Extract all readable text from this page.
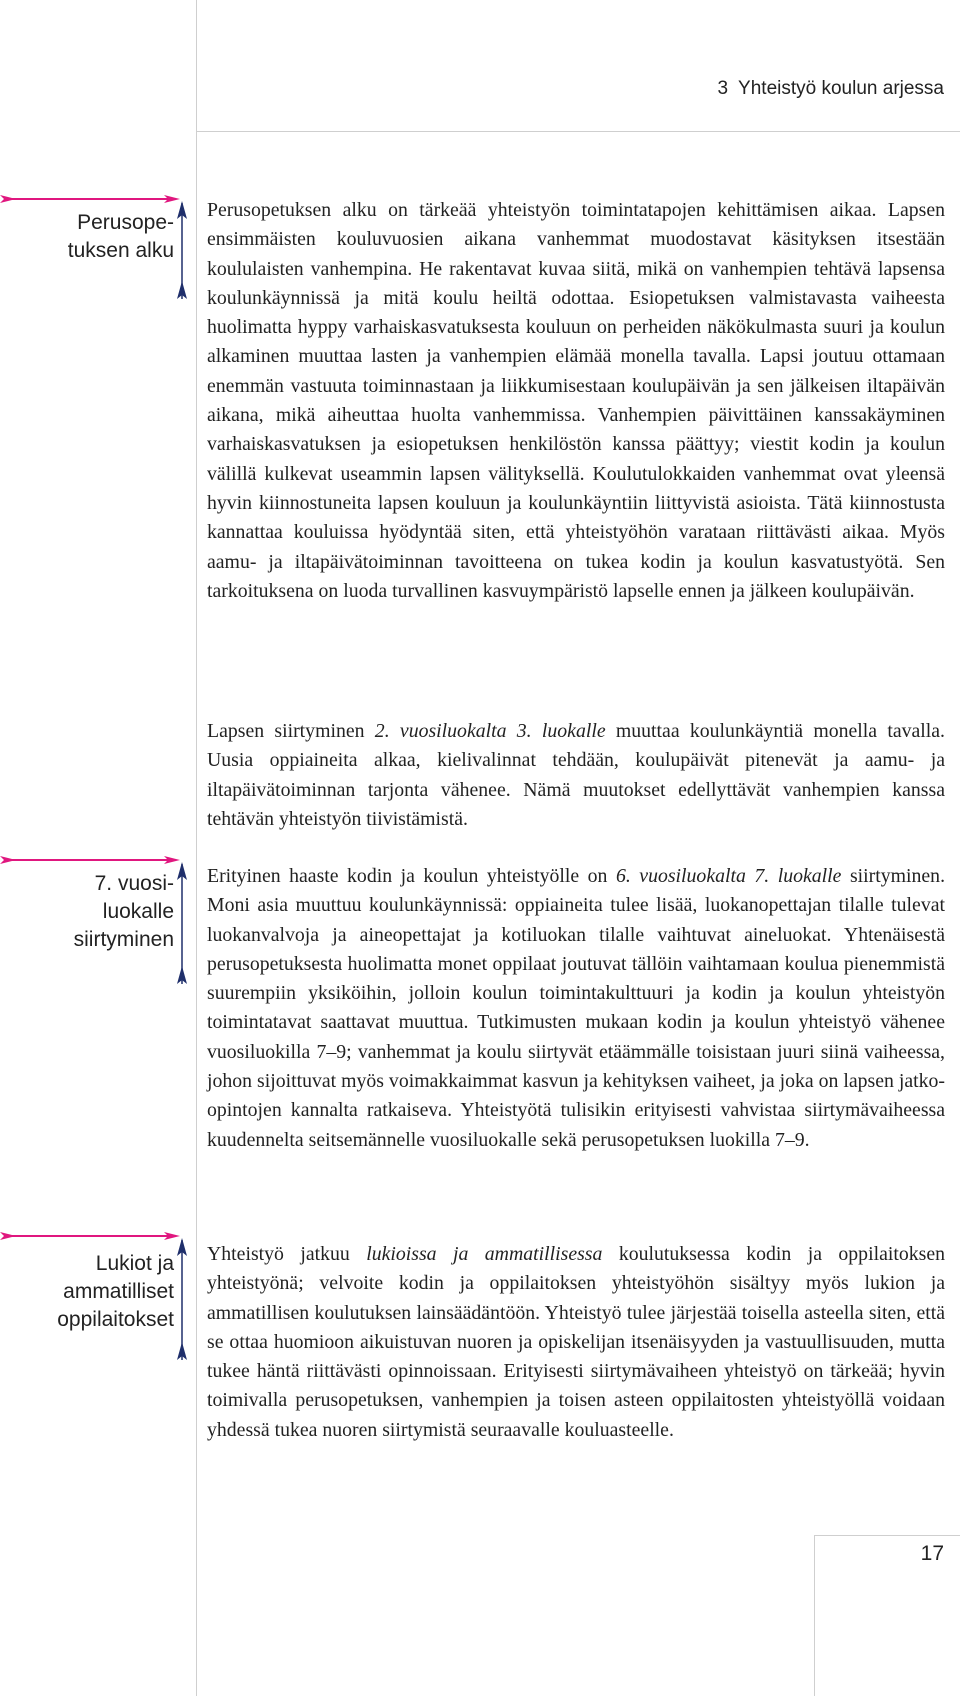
3 Yhteistyö koulun arjessa
Perusope-
tuksen alku
7. vuosi-
luokalle
siirtyminen
Lukiot ja
ammatilliset
oppilaitokset

Perusopetuksen alku on tärkeää yhteistyön toimintatapojen kehittämisen aikaa. Lapsen ensimmäisten kouluvuosien aikana vanhemmat muodostavat käsityksen itsestään koululaisten vanhempina. He rakentavat kuvaa siitä, mikä on vanhempien tehtävä lapsensa koulunkäynnissä ja mitä koulu heiltä odottaa. Esiopetuksen valmistavasta vaiheesta huolimatta hyppy varhaiskasvatuksesta kouluun on perheiden näkökulmasta suuri ja koulun alkaminen muuttaa lasten ja vanhempien elämää monella tavalla. Lapsi joutuu ottamaan enemmän vastuuta toiminnastaan ja liikkumisestaan koulupäivän ja sen jälkeisen iltapäivän aikana, mikä aiheuttaa huolta vanhemmissa. Vanhempien päivittäinen kanssakäyminen varhaiskasvatuksen ja esiopetuksen henkilöstön kanssa päättyy; viestit kodin ja koulun välillä kulkevat useammin lapsen välityksellä. Koulutulokkaiden vanhemmat ovat yleensä hyvin kiinnostuneita lapsen kouluun ja koulunkäyntiin liittyvistä asioista. Tätä kiinnostusta kannattaa kouluissa hyödyntää siten, että yhteistyöhön varataan riittävästi aikaa. Myös aamu- ja iltapäivätoiminnan tavoitteena on tukea kodin ja koulun kasvatustyötä. Sen tarkoituksena on luoda turvallinen kasvuympäristö lapselle ennen ja jälkeen koulupäivän.

Lapsen siirtyminen 2. vuosiluokalta 3. luokalle muuttaa koulunkäyntiä monella tavalla. Uusia oppiaineita alkaa, kielivalinnat tehdään, koulupäivät pitenevät ja aamu- ja iltapäivätoiminnan tarjonta vähenee. Nämä muutokset edellyttävät vanhempien kanssa tehtävän yhteistyön tiivistämistä.

Erityinen haaste kodin ja koulun yhteistyölle on 6. vuosiluokalta 7. luokalle siirtyminen. Moni asia muuttuu koulunkäynnissä: oppiaineita tulee lisää, luokanopettajan tilalle tulevat luokanvalvoja ja aineopettajat ja kotiluokan tilalle vaihtuvat aineluokat. Yhtenäisestä perusopetuksesta huolimatta monet oppilaat joutuvat tällöin vaihtamaan koulua pienemmistä suurempiin yksiköihin, jolloin koulun toimintakulttuuri ja kodin ja koulun yhteistyön toimintatavat saattavat muuttua. Tutkimusten mukaan kodin ja koulun yhteistyö vähenee vuosiluokilla 7–9; vanhemmat ja koulu siirtyvät etäämmälle toisistaan juuri siinä vaiheessa, johon sijoittuvat myös voimakkaimmat kasvun ja kehityksen vaiheet, ja joka on lapsen jatko-opintojen kannalta ratkaiseva. Yhteistyötä tulisikin erityisesti vahvistaa siirtymävaiheessa kuudennelta seitsemännelle vuosiluokalle sekä perusopetuksen luokilla 7–9.

Yhteistyö jatkuu lukioissa ja ammatillisessa koulutuksessa kodin ja oppilaitoksen yhteistyönä; velvoite kodin ja oppilaitoksen yhteistyöhön sisältyy myös lukion ja ammatillisen koulutuksen lainsäädäntöön. Yhteistyö tulee järjestää toisella asteella siten, että se ottaa huomioon aikuistuvan nuoren ja opiskelijan itsenäisyyden ja vastuullisuuden, mutta tukee häntä riittävästi opinnoissaan. Erityisesti siirtymävaiheen yhteistyö on tärkeää; hyvin toimivalla perusopetuksen, vanhempien ja toisen asteen oppilaitosten yhteistyöllä voidaan yhdessä tukea nuoren siirtymistä seuraavalle kouluasteelle.

17
